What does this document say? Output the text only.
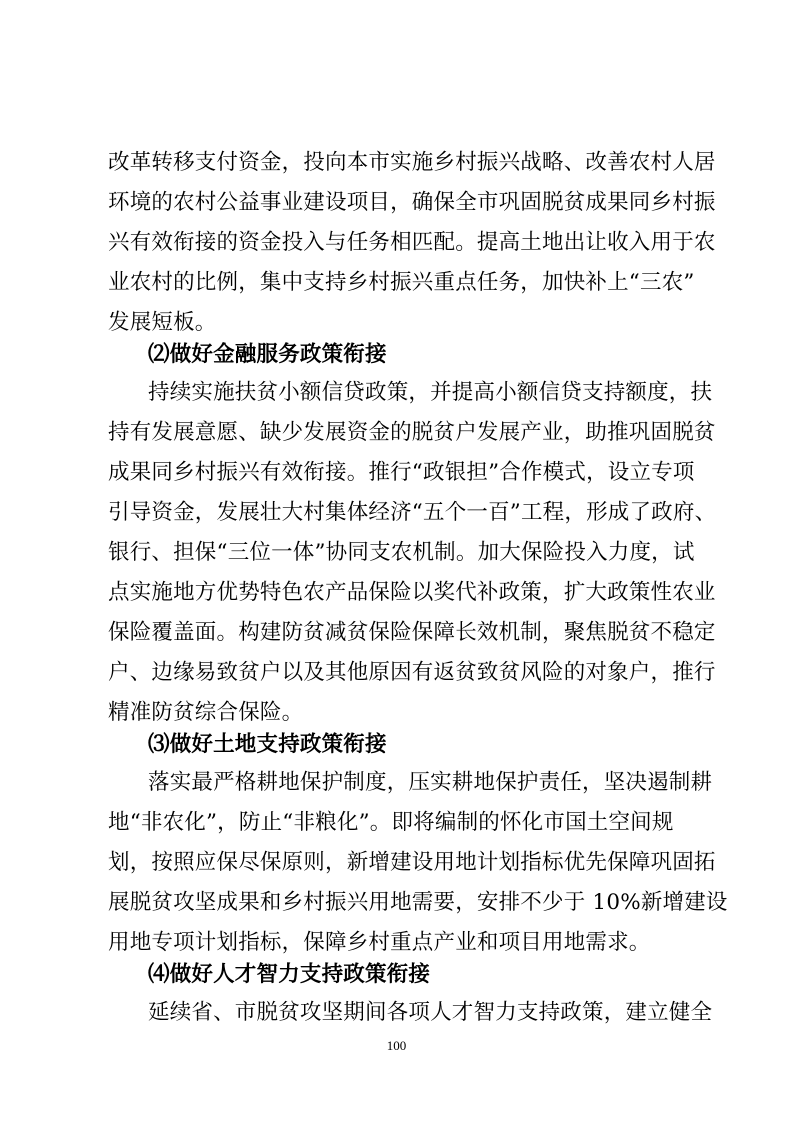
改革转移支付资金，投向本市实施乡村振兴战略、改善农村人居
环境的农村公益事业建设项目，确保全市巩固脱贫成果同乡村振
兴有效衔接的资金投入与任务相匹配。提高土地出让收入用于农
业农村的比例，集中支持乡村振兴重点任务，加快补上“三农”
发展短板。
⑵做好金融服务政策衔接
持续实施扶贫小额信贷政策，并提高小额信贷支持额度，扶
持有发展意愿、缺少发展资金的脱贫户发展产业，助推巩固脱贫
成果同乡村振兴有效衔接。推行“政银担”合作模式，设立专项
引导资金，发展壮大村集体经济“五个一百”工程，形成了政府、
银行、担保“三位一体”协同支农机制。加大保险投入力度，试
点实施地方优势特色农产品保险以奖代补政策，扩大政策性农业
保险覆盖面。构建防贫减贫保险保障长效机制，聚焦脱贫不稳定
户、边缘易致贫户以及其他原因有返贫致贫风险的对象户，推行
精准防贫综合保险。
⑶做好土地支持政策衔接
落实最严格耕地保护制度，压实耕地保护责任，坚决遏制耕
地“非农化”，防止“非粮化”。即将编制的怀化市国土空间规
划，按照应保尽保原则，新增建设用地计划指标优先保障巩固拓
展脱贫攻坚成果和乡村振兴用地需要，安排不少于 10%新增建设
用地专项计划指标，保障乡村重点产业和项目用地需求。
⑷做好人才智力支持政策衔接
延续省、市脱贫攻坚期间各项人才智力支持政策，建立健全
100
